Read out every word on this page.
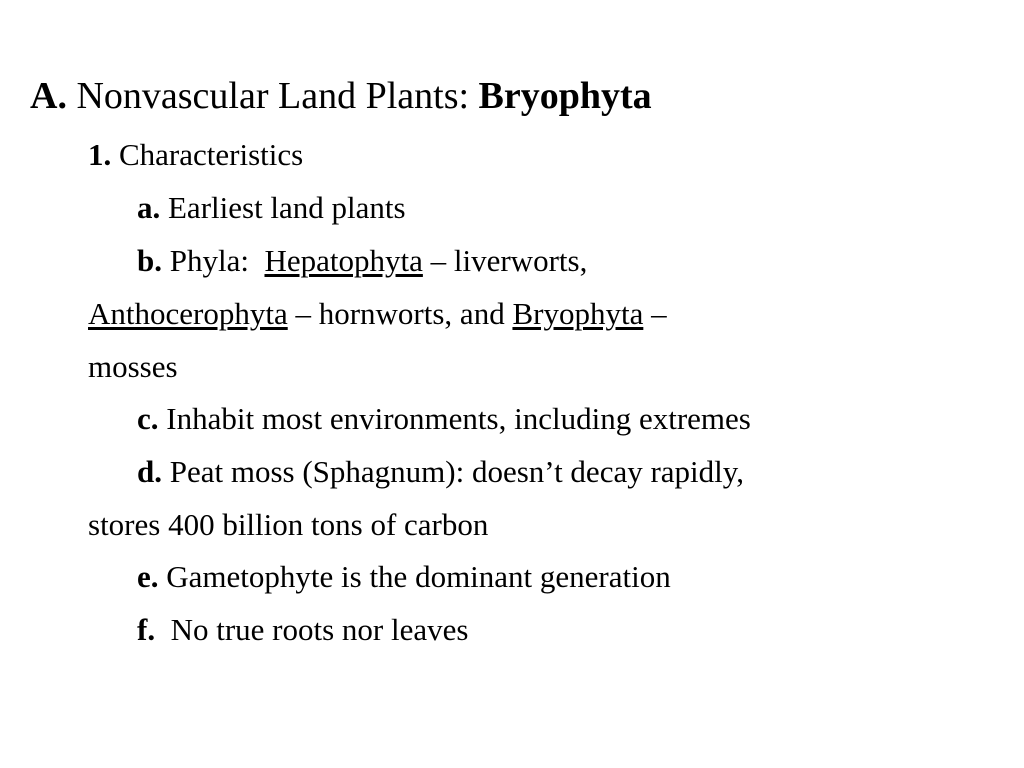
A. Nonvascular Land Plants: Bryophyta
1. Characteristics
a. Earliest land plants
b. Phyla: Hepatophyta – liverworts,
Anthocerophyta – hornworts, and Bryophyta –
mosses
c. Inhabit most environments, including extremes
d. Peat moss (Sphagnum): doesn’t decay rapidly,
stores 400 billion tons of carbon
e. Gametophyte is the dominant generation
f. No true roots nor leaves
